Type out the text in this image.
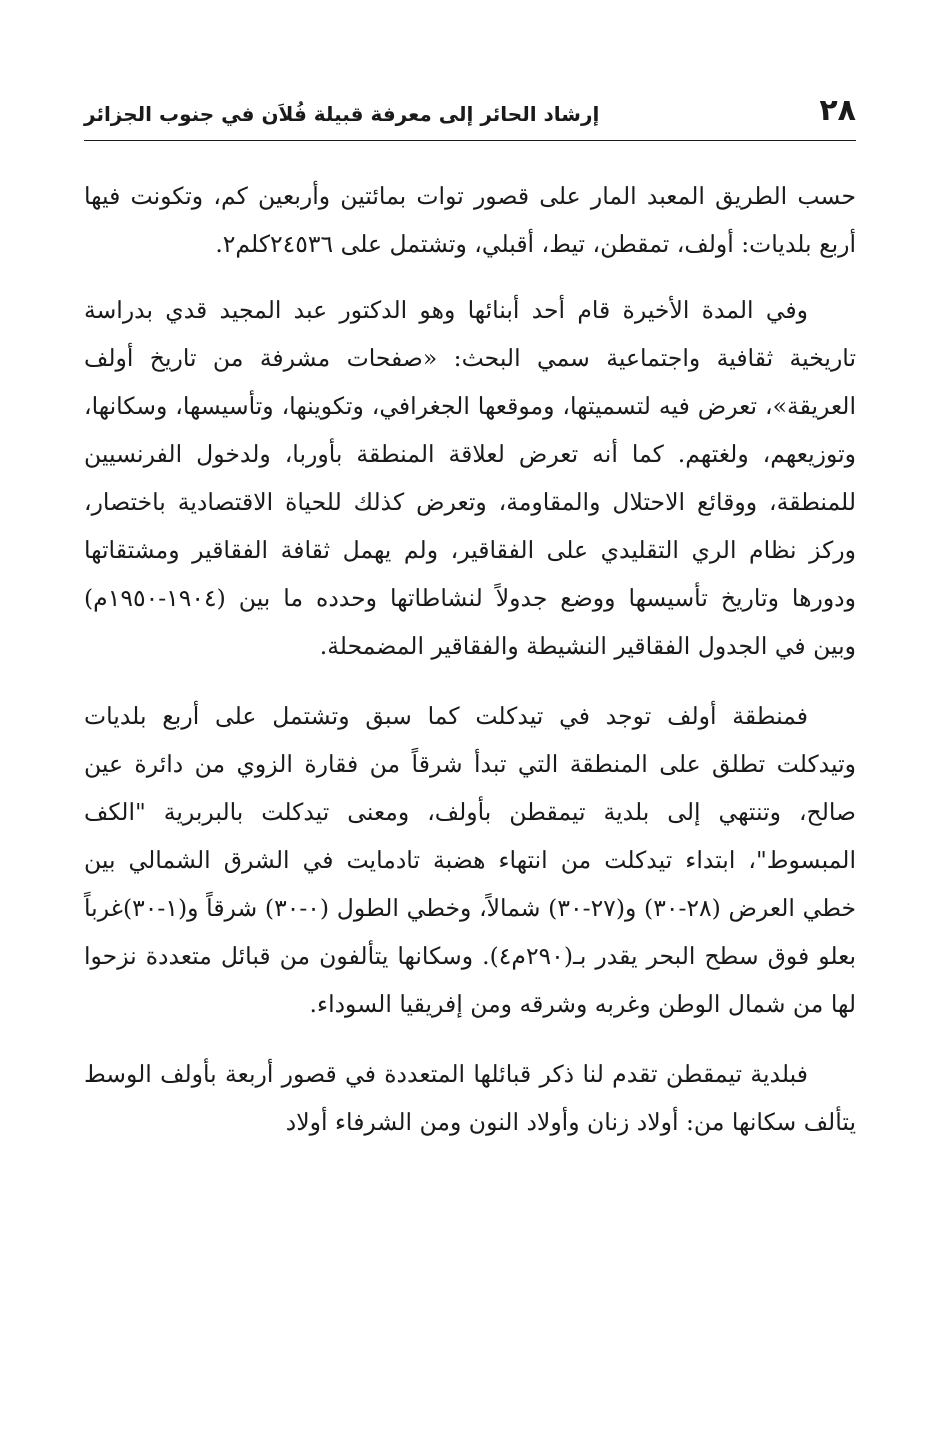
٢٨
إرشاد الحائر إلى معرفة قبيلة فُلاَن في جنوب الجزائر

حسب الطريق المعبد المار على قصور توات بمائتين وأربعين كم، وتكونت فيها أربع بلديات: أولف، تمقطن، تيط، أقبلي، وتشتمل على ٢٤٥٣٦كلم٢.

وفي المدة الأخيرة قام أحد أبنائها وهو الدكتور عبد المجيد قدي بدراسة تاريخية ثقافية واجتماعية سمي البحث: «صفحات مشرفة من تاريخ أولف العريقة»، تعرض فيه لتسميتها، وموقعها الجغرافي، وتكوينها، وتأسيسها، وسكانها، وتوزيعهم، ولغتهم. كما أنه تعرض لعلاقة المنطقة بأوربا، ولدخول الفرنسيين للمنطقة، ووقائع الاحتلال والمقاومة، وتعرض كذلك للحياة الاقتصادية باختصار، وركز نظام الري التقليدي على الفقاقير، ولم يهمل ثقافة الفقاقير ومشتقاتها ودورها وتاريخ تأسيسها ووضع جدولاً لنشاطاتها وحدده ما بين (١٩٠٤-١٩٥٠م) وبين في الجدول الفقاقير النشيطة والفقاقير المضمحلة.

فمنطقة أولف توجد في تيدكلت كما سبق وتشتمل على أربع بلديات وتيدكلت تطلق على المنطقة التي تبدأ شرقاً من فقارة الزوي من دائرة عين صالح، وتنتهي إلى بلدية تيمقطن بأولف، ومعنى تيدكلت بالبربرية "الكف المبسوط"، ابتداء تيدكلت من انتهاء هضبة تادمايت في الشرق الشمالي بين خطي العرض (٢٨-٣٠) و(٢٧-٣٠) شمالاً، وخطي الطول (٠-٣٠) شرقاً و(١-٣٠)غرباً بعلو فوق سطح البحر يقدر بـ(٢٩٠م٤). وسكانها يتألفون من قبائل متعددة نزحوا لها من شمال الوطن وغربه وشرقه ومن إفريقيا السوداء.

فبلدية تيمقطن تقدم لنا ذكر قبائلها المتعددة في قصور أربعة بأولف الوسط يتألف سكانها من: أولاد زنان وأولاد النون ومن الشرفاء أولاد
